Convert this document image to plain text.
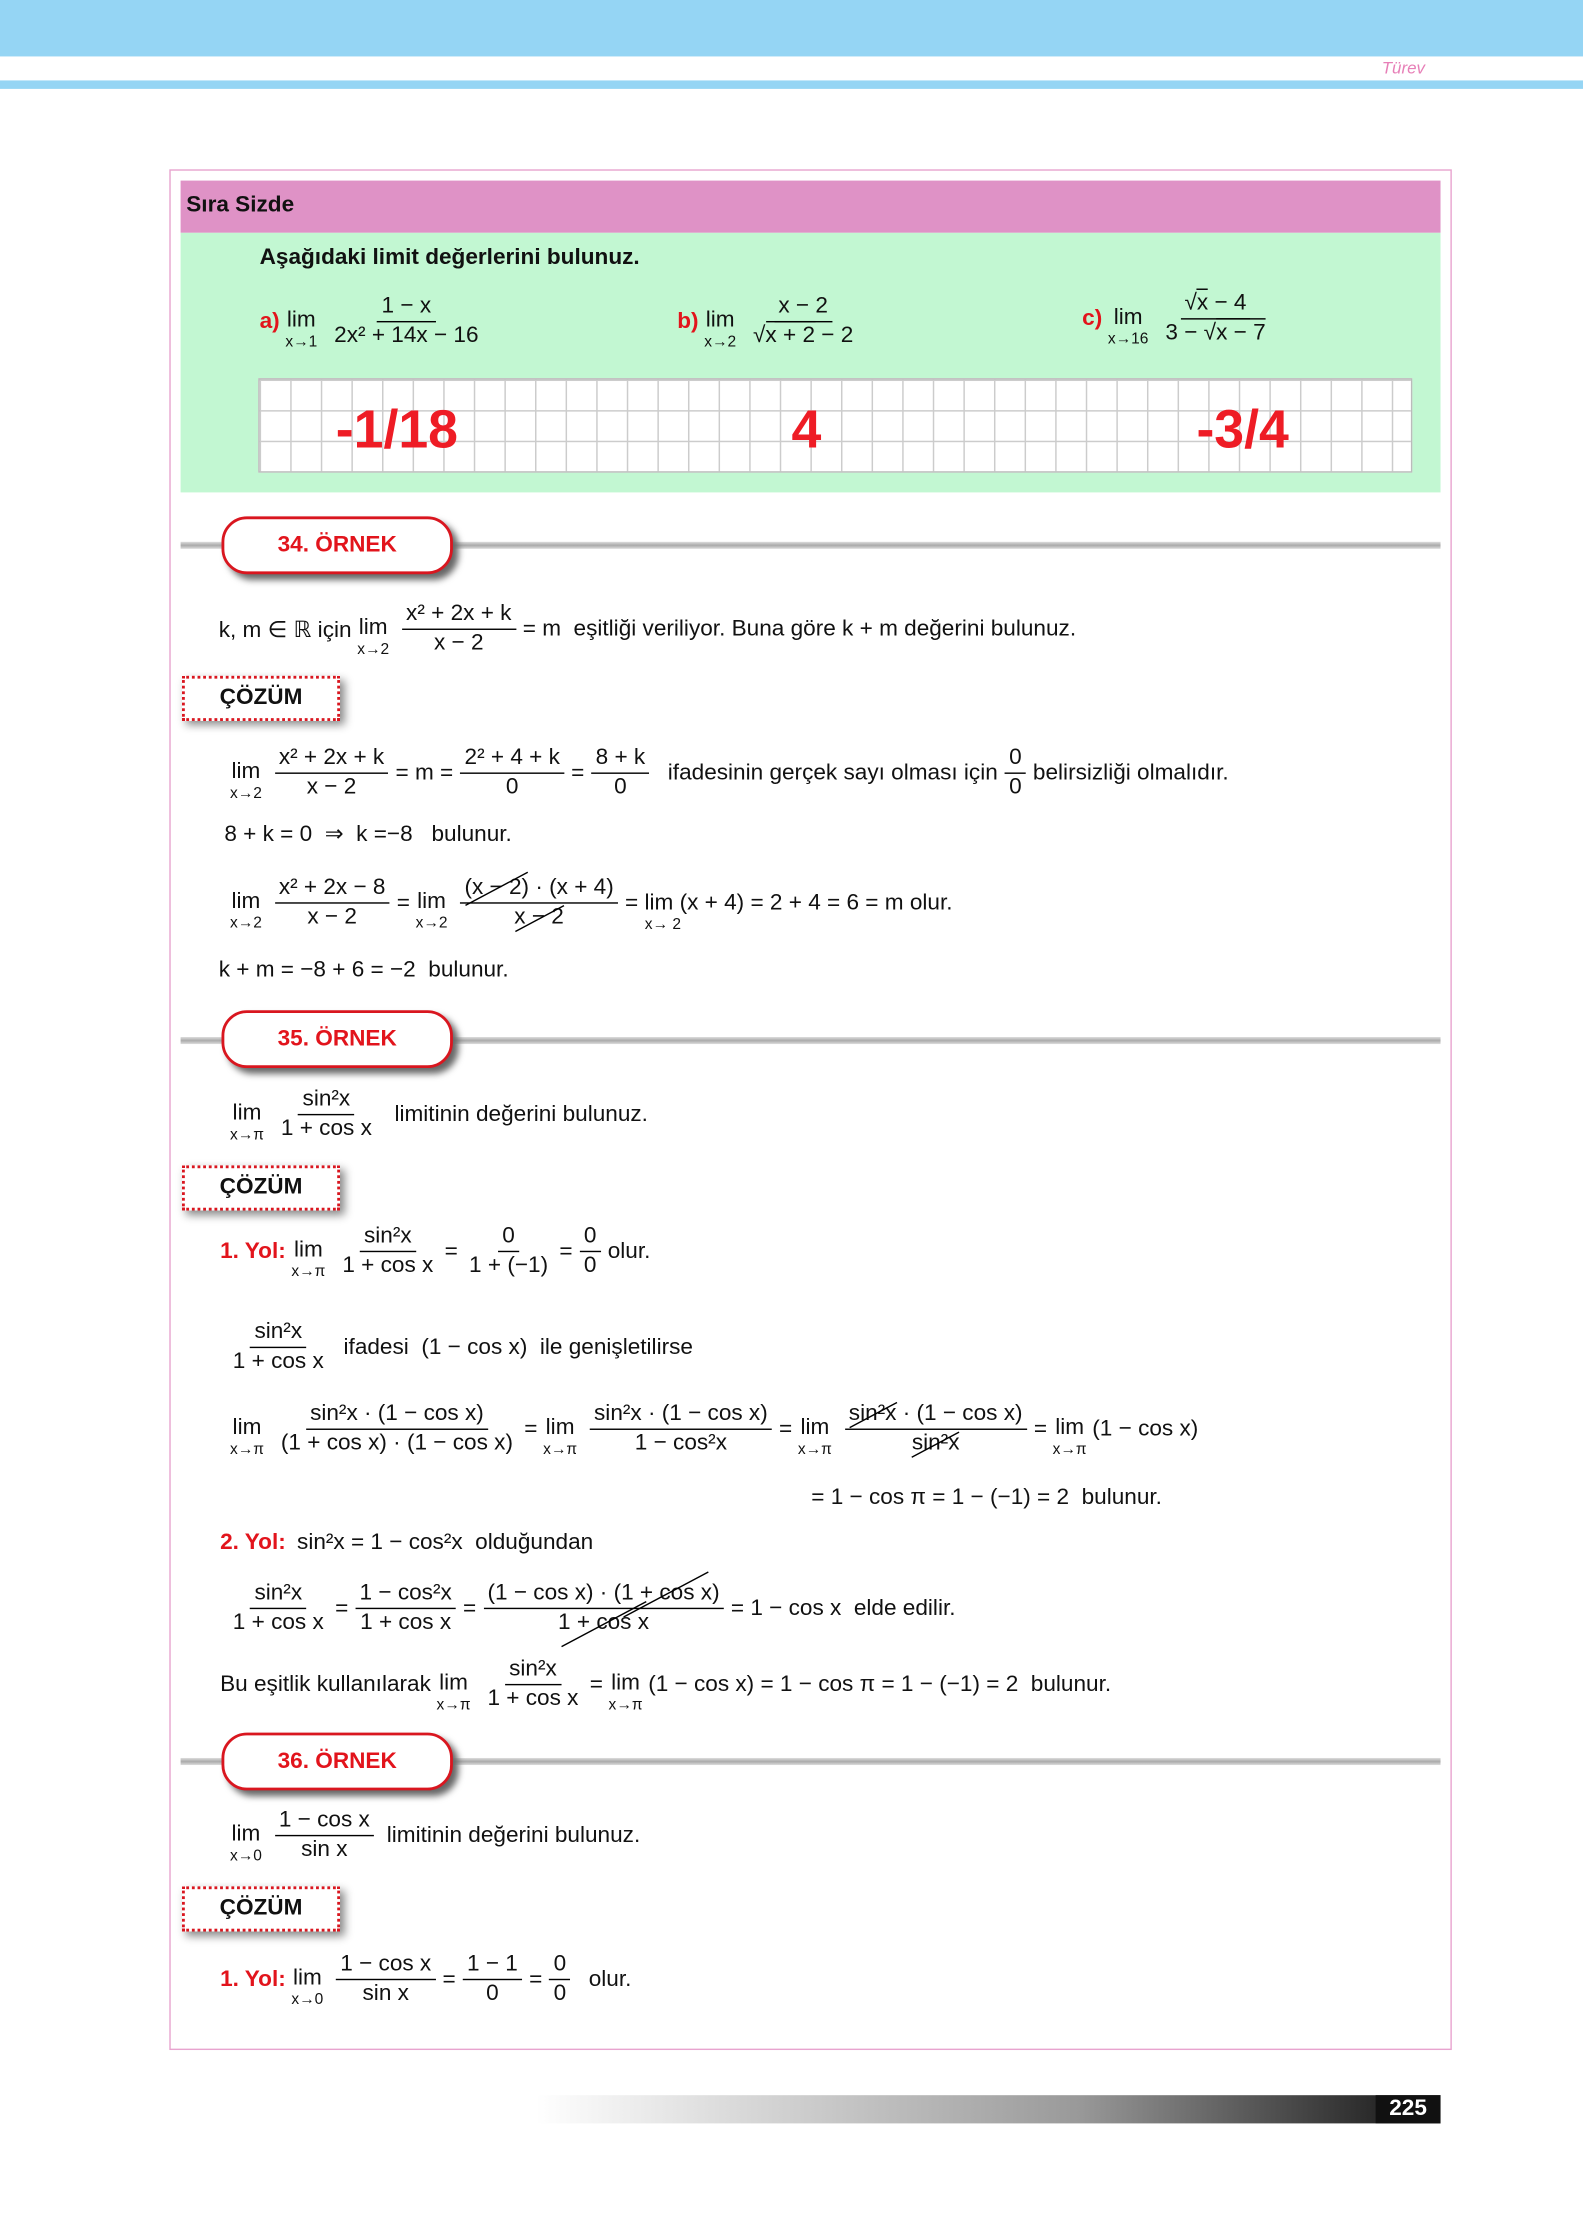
Türev
Sıra Sizde
Aşağıdaki limit değerlerini bulunuz.
a) lim
$x\to 1 \frac{1 - x}{\text{2x² + 14x − 16}}$	b) lim
$x\to 2 \frac{x - 2}{√x + 2 - 2}$	c) lim
$x\to 16 \frac{√x - 4}{3 - √x - 7}$
-1/18	4	-3/4
34. ÖRNEK
k, m ∈ ℝ için lim
$x\to 2 \frac{\text{x² + 2x + k}}{x - 2} = m$  eşitliği veriliyor. Buna göre k + m değerini bulunuz.
ÇÖZÜM
lim
$x\to 2 \frac{\text{x² + 2x + k}}{x - 2} = m = \frac{\text{2² + 4 + k}}{0} = \frac{8 + k}{0}$ ifadesinin gerçek sayı olması için $\frac{0}{0}$ belirsizliği olmalıdır.
8 + k = 0  ⇒  k =−8   bulunur.
lim
$x\to 2 \frac{\text{x² + 2x − 8}}{x - 2} = \lim$
$x\to 2 \frac{(x - 2) \cdot (x + 4)}{x - 2} = \lim (x + 4) = 2 + 4 = 6 = m$ olur.
x→ 2
k + m = −8 + 6 = −2  bulunur.
35. ÖRNEK
lim
$x\to\pi \frac{\text{sin²x}}{\text{1 + cos x}}$ limitinin değerini bulunuz.
ÇÖZÜM
1. Yol: lim
$x\to\pi \frac{\text{sin²x}}{\text{1 + cos x}} = \frac{0}{1 + (-1)} = \frac{0}{0}$ olur.
$\frac{\text{sin²x}}{\text{1 + cos x}}$ ifadesi  (1 − cos x)  ile genişletilirse
lim
$x\to\pi \frac{\text{sin²x · (1 − cos x)}}{\text{(1 + cos x) · (1 − cos x)}} = \lim$
$x\to\pi \frac{\text{sin²x · (1 − cos x)}}{\text{1 − cos²x}} = \lim$
$x\to\pi \frac{\text{sin²x · (1 − cos x)}}{\text{sin²x}} = \lim$
x→π
(1 − cos x)
= 1 − cos π = 1 − (−1) = 2  bulunur.
2. Yol: sin²x = 1 − cos²x  olduğundan
$\frac{\text{sin²x}}{\text{1 + cos x}} = \frac{\text{1 − cos²x}}{\text{1 + cos x}} = \frac{\text{(1 − cos x) · (1 + cos x)}}{\text{1 + cos x}} = 1 - \cos x$  elde edilir.
Bu eşitlik kullanılarak lim
$x\to\pi \frac{\text{sin²x}}{\text{1 + cos x}} = \lim$
x→π
(1 − cos x) = 1 − cos π = 1 − (−1) = 2  bulunur.
36. ÖRNEK
lim
$x\to 0 \frac{\text{1 − cos x}}{\text{sin x}}$ limitinin değerini bulunuz.
ÇÖZÜM
1. Yol: lim
$x\to 0 \frac{\text{1 − cos x}}{\text{sin x}} = \frac{1 - 1}{0} = \frac{0}{0}$ olur.
225
